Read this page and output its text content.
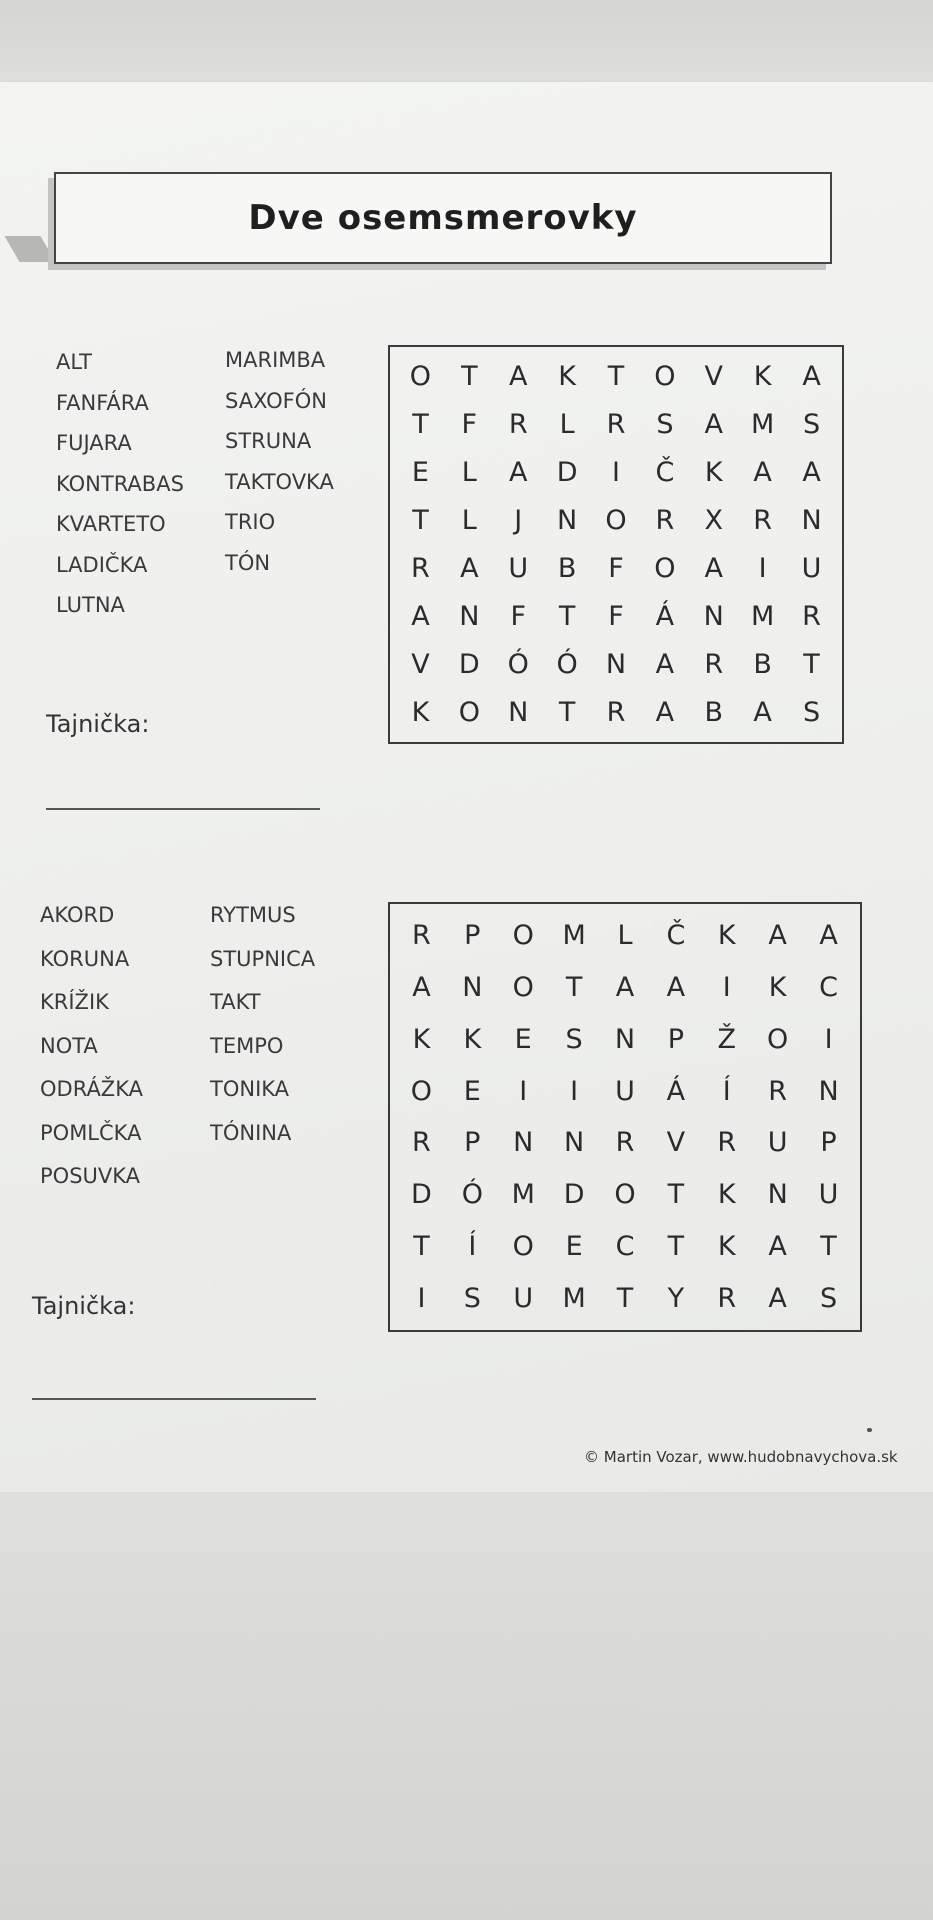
Dve osemsmerovky
ALT
FANFÁRA
FUJARA
KONTRABAS
KVARTETO
LADIČKA
LUTNA
MARIMBA
SAXOFÓN
STRUNA
TAKTOVKA
TRIO
TÓN
Tajnička:
O	T	A	K	T	O	V	K	A
T	F	R	L	R	S	A	M	S
E	L	A	D	I	Č	K	A	A
T	L	J	N	O	R	X	R	N
R	A	U	B	F	O	A	I	U
A	N	F	T	F	Á	N	M	R
V	D	Ó	Ó	N	A	R	B	T
K	O	N	T	R	A	B	A	S
AKORD
KORUNA
KRÍŽIK
NOTA
ODRÁŽKA
POMLČKA
POSUVKA
RYTMUS
STUPNICA
TAKT
TEMPO
TONIKA
TÓNINA
Tajnička:
R	P	O	M	L	Č	K	A	A
A	N	O	T	A	A	I	K	C
K	K	E	S	N	P	Ž	O	I
O	E	I	I	U	Á	Í	R	N
R	P	N	N	R	V	R	U	P
D	Ó	M	D	O	T	K	N	U
T	Í	O	E	C	T	K	A	T
I	S	U	M	T	Y	R	A	S
© Martin Vozar, www.hudobnavychova.sk
